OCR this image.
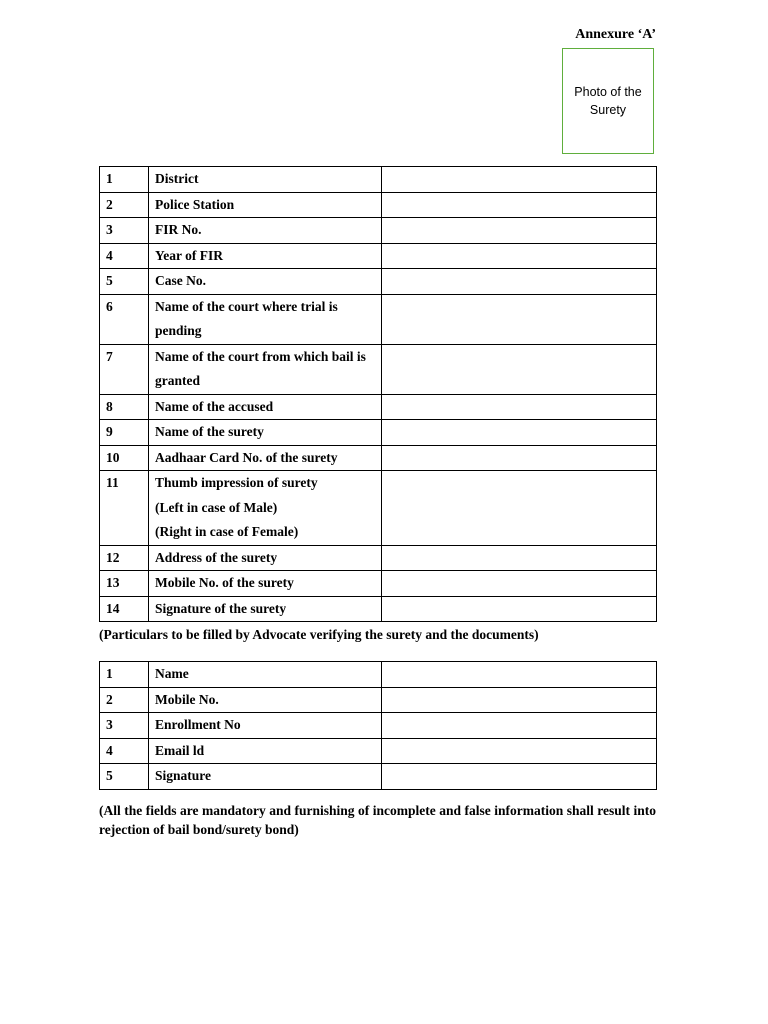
Annexure ‘A’
Photo of the Surety
1	District	
2	Police Station	
3	FIR No.	
4	Year of FIR	
5	Case No.	
6	Name of the court where trial is pending	
7	Name of the court from which bail is granted	
8	Name of the accused	
9	Name of the surety	
10	Aadhaar Card No. of the surety	
11	Thumb impression of surety
(Left in case of Male)
(Right in case of Female)	

12	Address of the surety	
13	Mobile No. of the surety	
14	Signature of the surety	
(Particulars to be filled by Advocate verifying the surety and the documents)
1	Name	
2	Mobile No.	
3	Enrollment No	
4	Email ld	
5	Signature	
(All the fields are mandatory and furnishing of incomplete and false information shall result into rejection of bail bond/surety bond)
